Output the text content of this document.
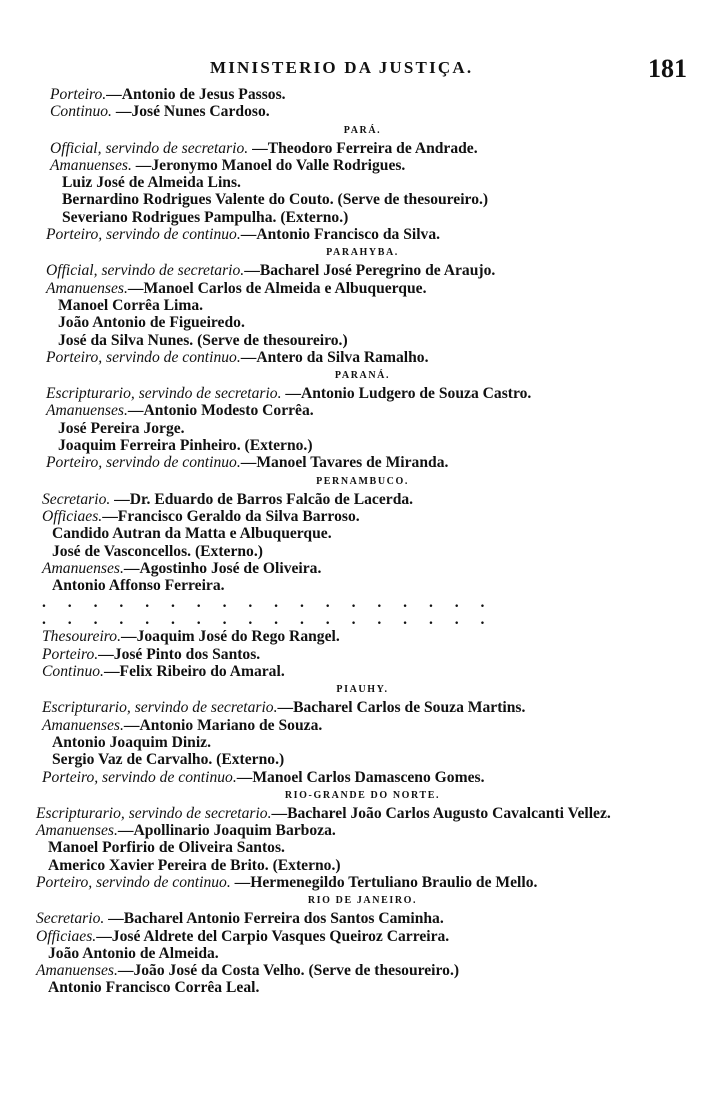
MINISTERIO DA JUSTIÇA.	181
Porteiro.—Antonio de Jesus Passos.
Continuo. —José Nunes Cardoso.
PARÁ.
Official, servindo de secretario. —Theodoro Ferreira de Andrade.
Amanuenses. —Jeronymo Manoel do Valle Rodrigues.
Luiz José de Almeida Lins.
Bernardino Rodrigues Valente do Couto. (Serve de thesoureiro.)
Severiano Rodrigues Pampulha. (Externo.)
Porteiro, servindo de continuo.—Antonio Francisco da Silva.
PARAHYBA.
Official, servindo de secretario.—Bacharel José Peregrino de Araujo.
Amanuenses.—Manoel Carlos de Almeida e Albuquerque.
Manoel Corrêa Lima.
João Antonio de Figueiredo.
José da Silva Nunes. (Serve de thesoureiro.)
Porteiro, servindo de continuo.—Antero da Silva Ramalho.
PARANÁ.
Escripturario, servindo de secretario. —Antonio Ludgero de Souza Castro.
Amanuenses.—Antonio Modesto Corrêa.
José Pereira Jorge.
Joaquim Ferreira Pinheiro. (Externo.)
Porteiro, servindo de continuo.—Manoel Tavares de Miranda.
PERNAMBUCO.
Secretario. —Dr. Eduardo de Barros Falcão de Lacerda.
Officiaes.—Francisco Geraldo da Silva Barroso.
Candido Autran da Matta e Albuquerque.
José de Vasconcellos. (Externo.)
Amanuenses.—Agostinho José de Oliveira.
Antonio Affonso Ferreira.
. . . . . . . . . . . . . . . . . .
. . . . . . . . . . . . . . . . . .
Thesoureiro.—Joaquim José do Rego Rangel.
Porteiro.—José Pinto dos Santos.
Continuo.—Felix Ribeiro do Amaral.
PIAUHY.
Escripturario, servindo de secretario.—Bacharel Carlos de Souza Martins.
Amanuenses.—Antonio Mariano de Souza.
Antonio Joaquim Diniz.
Sergio Vaz de Carvalho. (Externo.)
Porteiro, servindo de continuo.—Manoel Carlos Damasceno Gomes.
RIO-GRANDE DO NORTE.
Escripturario, servindo de secretario.—Bacharel João Carlos Augusto Cavalcanti Vellez.
Amanuenses.—Apollinario Joaquim Barboza.
Manoel Porfirio de Oliveira Santos.
Americo Xavier Pereira de Brito. (Externo.)
Porteiro, servindo de continuo. —Hermenegildo Tertuliano Braulio de Mello.
RIO DE JANEIRO.
Secretario. —Bacharel Antonio Ferreira dos Santos Caminha.
Officiaes.—José Aldrete del Carpio Vasques Queiroz Carreira.
João Antonio de Almeida.
Amanuenses.—João José da Costa Velho. (Serve de thesoureiro.)
Antonio Francisco Corrêa Leal.
